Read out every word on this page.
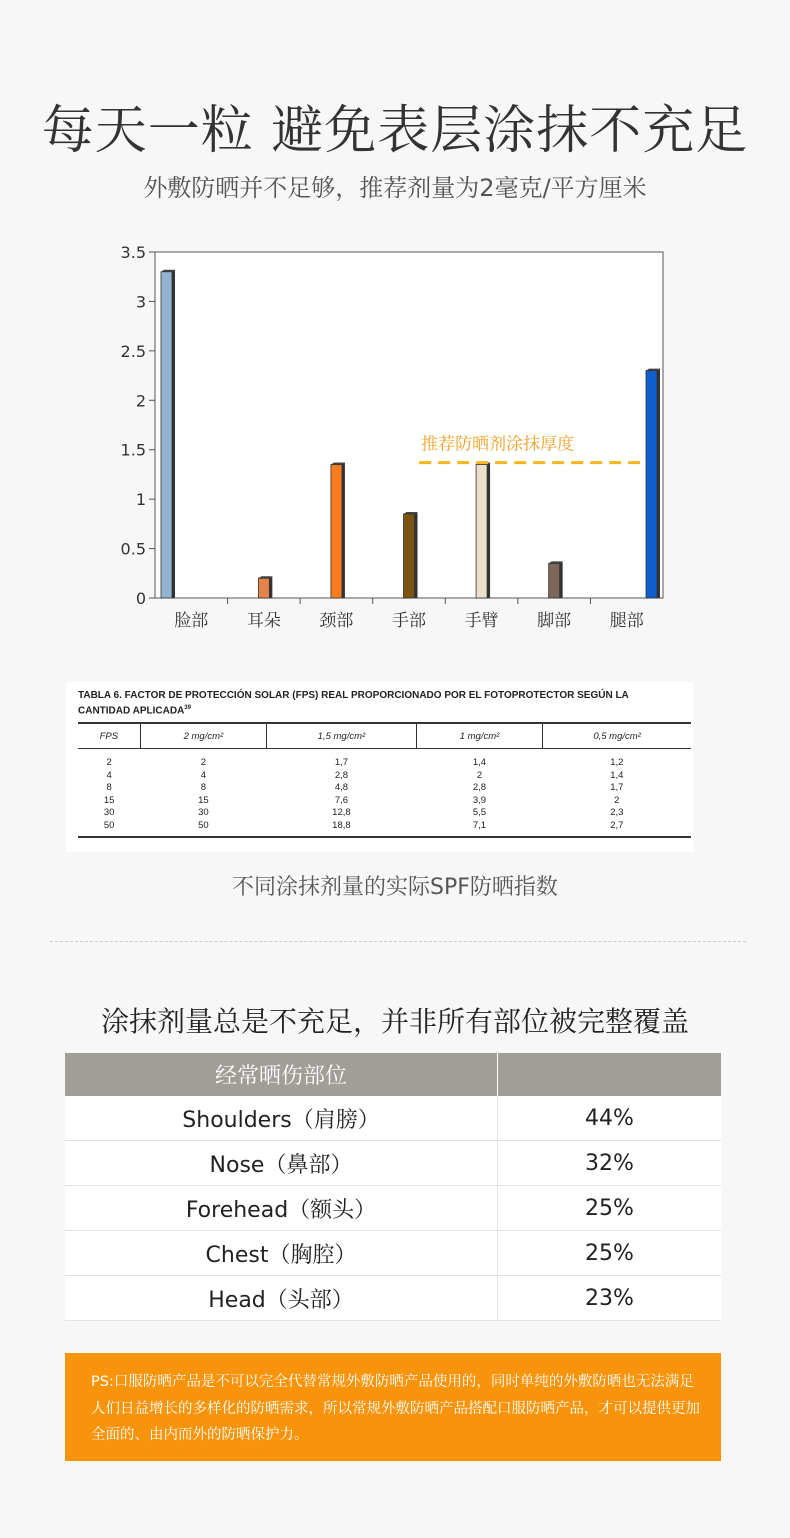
每天一粒 避免表层涂抹不充足
外敷防晒并不足够，推荐剂量为2毫克/平方厘米
0
0.5
1
1.5
2
2.5
3
3.5
脸部 耳朵 颈部 手部 手臂 脚部 腿部
推荐防晒剂涂抹厚度
TABLA 6. FACTOR DE PROTECCIÓN SOLAR (FPS) REAL PROPORCIONADO POR EL FOTOPROTECTOR SEGÚN LA CANTIDAD APLICADA$^{39}$
FPS	2 mg/cm²	1,5 mg/cm²	1 mg/cm²	0,5 mg/cm²
2	2	1,7	1,4	1,2
4	4	2,8	2	1,4
8	8	4,8	2,8	1,7
15	15	7,6	3,9	2
30	30	12,8	5,5	2,3
50	50	18,8	7,1	2,7
不同涂抹剂量的实际SPF防晒指数
涂抹剂量总是不充足，并非所有部位被完整覆盖
经常晒伤部位	
Shoulders（肩膀）	44%
Nose（鼻部）	32%
Forehead（额头）	25%
Chest（胸腔）	25%
Head（头部）	23%
PS:口服防晒产品是不可以完全代替常规外敷防晒产品使用的，同时单纯的外敷防晒也无法满足人们日益增长的多样化的防晒需求，所以常规外敷防晒产品搭配口服防晒产品，才可以提供更加全面的、由内而外的防晒保护力。
